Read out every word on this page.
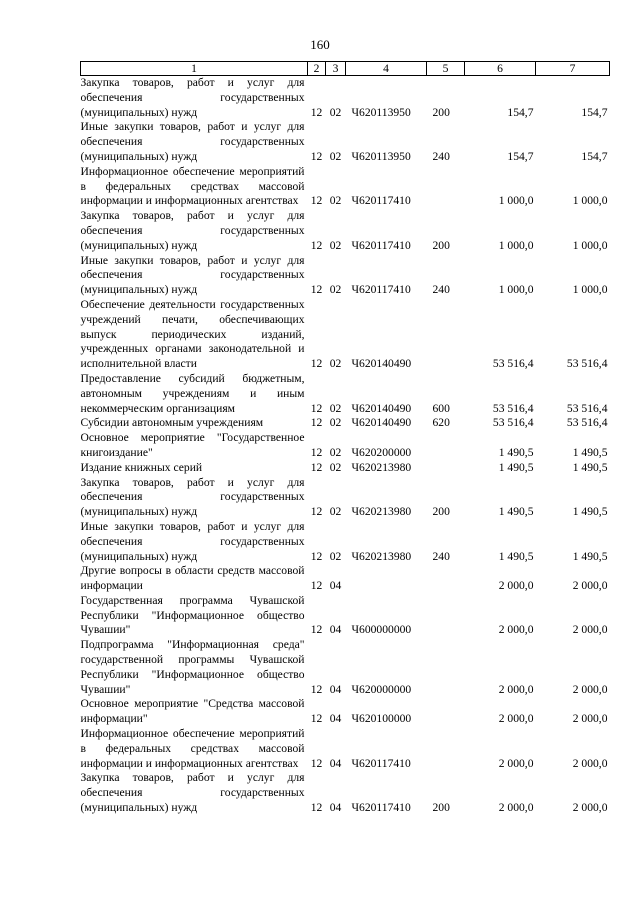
160
1	2	3	4	5	6	7
Закупка товаров, работ и услуг для обеспечения государственных (муниципальных) нужд	12	02	Ч620113950	200	154,7	154,7
Иные закупки товаров, работ и услуг для обеспечения государственных (муниципальных) нужд	12	02	Ч620113950	240	154,7	154,7
Информационное обеспечение мероприятий в федеральных средствах массовой информации и информационных агентствах	12	02	Ч620117410		1 000,0	1 000,0
Закупка товаров, работ и услуг для обеспечения государственных (муниципальных) нужд	12	02	Ч620117410	200	1 000,0	1 000,0
Иные закупки товаров, работ и услуг для обеспечения государственных (муниципальных) нужд	12	02	Ч620117410	240	1 000,0	1 000,0
Обеспечение деятельности государственных учреждений печати, обеспечивающих выпуск периодических изданий, учрежденных органами законодательной и исполнительной власти	12	02	Ч620140490		53 516,4	53 516,4
Предоставление субсидий бюджетным, автономным учреждениям и иным некоммерческим организациям	12	02	Ч620140490	600	53 516,4	53 516,4
Субсидии автономным учреждениям	12	02	Ч620140490	620	53 516,4	53 516,4
Основное мероприятие "Государственное книгоиздание"	12	02	Ч620200000		1 490,5	1 490,5
Издание книжных серий	12	02	Ч620213980		1 490,5	1 490,5
Закупка товаров, работ и услуг для обеспечения государственных (муниципальных) нужд	12	02	Ч620213980	200	1 490,5	1 490,5
Иные закупки товаров, работ и услуг для обеспечения государственных (муниципальных) нужд	12	02	Ч620213980	240	1 490,5	1 490,5
Другие вопросы в области средств массовой информации	12	04			2 000,0	2 000,0
Государственная программа Чувашской Республики "Информационное общество Чувашии"	12	04	Ч600000000		2 000,0	2 000,0
Подпрограмма "Информационная среда" государственной программы Чувашской Республики "Информационное общество Чувашии"	12	04	Ч620000000		2 000,0	2 000,0
Основное мероприятие "Средства массовой информации"	12	04	Ч620100000		2 000,0	2 000,0
Информационное обеспечение мероприятий в федеральных средствах массовой информации и информационных агентствах	12	04	Ч620117410		2 000,0	2 000,0
Закупка товаров, работ и услуг для обеспечения государственных (муниципальных) нужд	12	04	Ч620117410	200	2 000,0	2 000,0
